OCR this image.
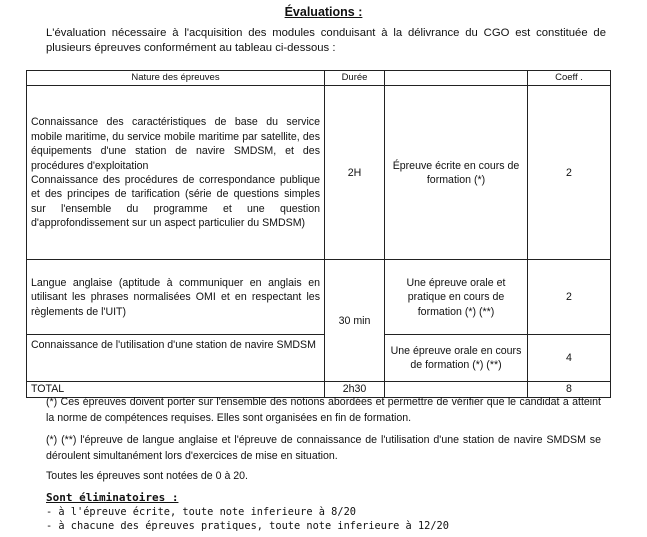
Évaluations :
L'évaluation nécessaire à l'acquisition des modules conduisant à la délivrance du CGO est constituée de plusieurs épreuves conformément au tableau ci-dessous :
Nature des épreuves	Durée		Coeff .

Connaissance des caractéristiques de base du service mobile maritime, du service mobile maritime par satellite, des équipements d'une station de navire SMDSM, et des procédures d'exploitation
Connaissance des procédures de correspondance publique et des principes de tarification (série de questions simples sur l'ensemble du programme et une question d'approfondissement sur un aspect particulier du SMDSM)	2H	Épreuve écrite en cours de formation (*)	2
Langue anglaise (aptitude à communiquer en anglais en utilisant les phrases normalisées OMI et en respectant les règlements de l'UIT)	30 min	Une épreuve orale et pratique en cours de formation (*) (**)	2
Connaissance de l'utilisation d'une station de navire SMDSM		Une épreuve orale en cours de formation (*) (**)	4
TOTAL	2h30		8
(*) Ces épreuves doivent porter sur l'ensemble des notions abordées et permettre de vérifier que le candidat a atteint la norme de compétences requises. Elles sont organisées en fin de formation.
(*) (**) l'épreuve de langue anglaise et l'épreuve de connaissance de l'utilisation d'une station de navire SMDSM se déroulent simultanément lors d'exercices de mise en situation.
Toutes les épreuves sont notées de 0 à 20.
Sont éliminatoires :
- à l'épreuve écrite, toute note inferieure à 8/20
- à chacune des épreuves pratiques, toute note inferieure à 12/20
